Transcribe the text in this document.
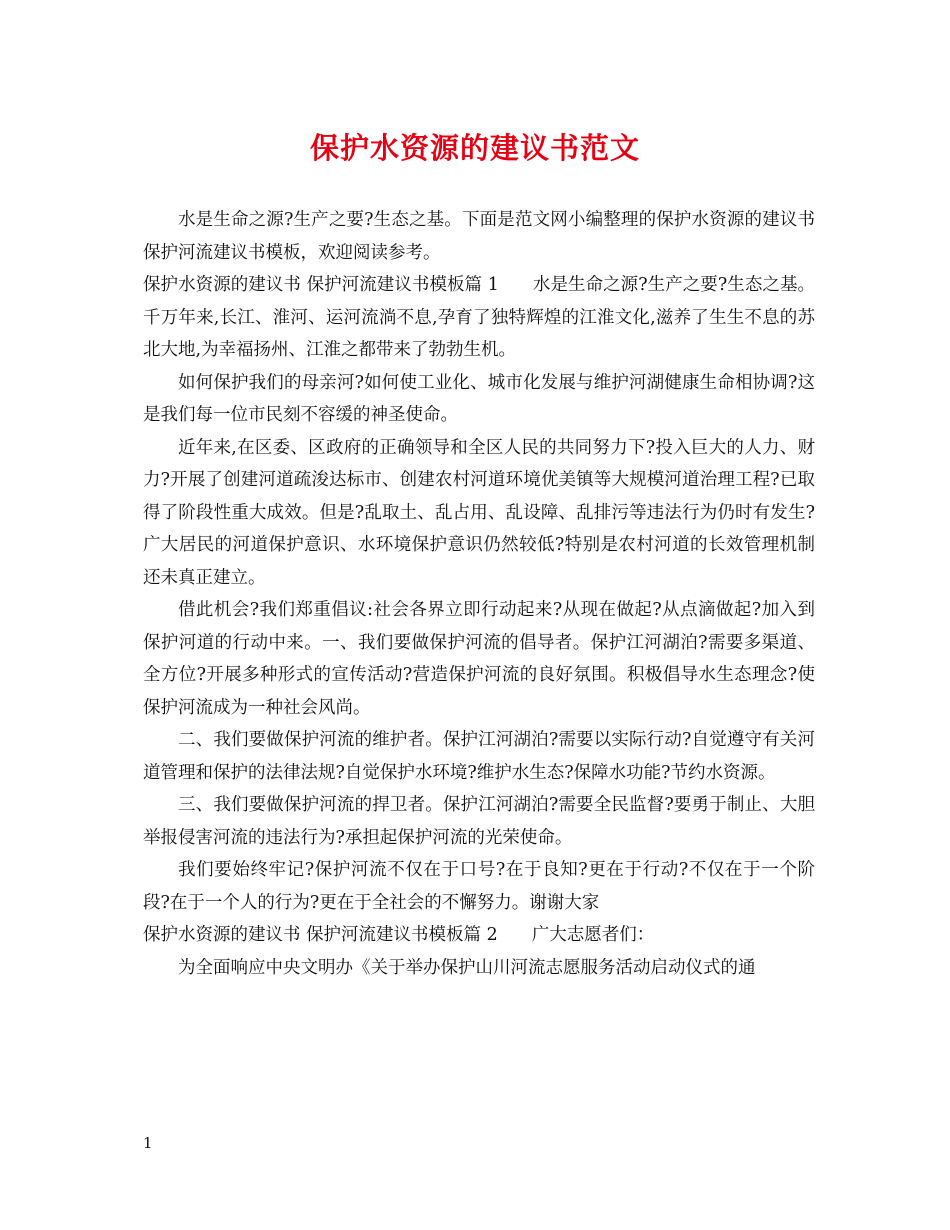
保护水资源的建议书范文

水是生命之源?生产之要?生态之基。下面是范文网小编整理的保护水资源的建议书 保护河流建议书模板，欢迎阅读参考。

保护水资源的建议书 保护河流建议书模板篇 1 水是生命之源?生产之要?生态之基。千万年来,长江、淮河、运河流淌不息,孕育了独特辉煌的江淮文化,滋养了生生不息的苏北大地,为幸福扬州、江淮之都带来了勃勃生机。

如何保护我们的母亲河?如何使工业化、城市化发展与维护河湖健康生命相协调?这是我们每一位市民刻不容缓的神圣使命。

近年来,在区委、区政府的正确领导和全区人民的共同努力下?投入巨大的人力、财力?开展了创建河道疏浚达标市、创建农村河道环境优美镇等大规模河道治理工程?已取得了阶段性重大成效。但是?乱取土、乱占用、乱设障、乱排污等违法行为仍时有发生?广大居民的河道保护意识、水环境保护意识仍然较低?特别是农村河道的长效管理机制还未真正建立。

借此机会?我们郑重倡议:社会各界立即行动起来?从现在做起?从点滴做起?加入到保护河道的行动中来。一、我们要做保护河流的倡导者。保护江河湖泊?需要多渠道、全方位?开展多种形式的宣传活动?营造保护河流的良好氛围。积极倡导水生态理念?使保护河流成为一种社会风尚。

二、我们要做保护河流的维护者。保护江河湖泊?需要以实际行动?自觉遵守有关河道管理和保护的法律法规?自觉保护水环境?维护水生态?保障水功能?节约水资源。

三、我们要做保护河流的捍卫者。保护江河湖泊?需要全民监督?要勇于制止、大胆举报侵害河流的违法行为?承担起保护河流的光荣使命。

我们要始终牢记?保护河流不仅在于口号?在于良知?更在于行动?不仅在于一个阶段?在于一个人的行为?更在于全社会的不懈努力。谢谢大家

保护水资源的建议书 保护河流建议书模板篇 2 广大志愿者们：

为全面响应中央文明办《关于举办保护山川河流志愿服务活动启动仪式的通

1
